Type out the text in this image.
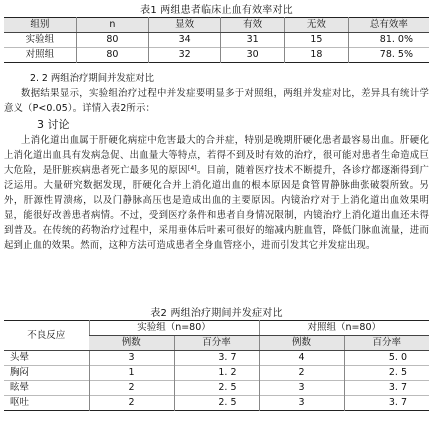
表1 两组患者临床止血有效率对比
组别	n	显效	有效	无效	总有效率
实验组	80	34	31	15	81. 0%
对照组	80	32	30	18	78. 5%

2. 2 两组治疗期间并发症对比

数据结果显示，实验组治疗过程中并发症要明显多于对照组，两组并发症对比，差异具有统计学意义（P<0.05）。详情入表2所示：

3 讨论

上消化道出血属于肝硬化病症中危害最大的合并症，特别是晚期肝硬化患者最容易出血。肝硬化上消化道出血具有发病急促、出血量大等特点，若得不到及时有效的治疗，很可能对患者生命造成巨大危险，是肝脏疾病患者死亡最多见的原因[4]。目前，随着医疗技术不断提升，各诊疗都逐渐得到广泛运用。大量研究数据发现，肝硬化合并上消化道出血的根本原因是食管胃静脉曲张破裂所致。另外，肝源性胃溃疡，以及门静脉高压也是造成出血的主要原因。内镜治疗对于上消化道出血效果明显，能很好改善患者病情。不过，受到医疗条件和患者自身情况限制，内镜治疗上消化道出血还未得到普及。在传统的药物治疗过程中，采用垂体后叶素可很好的缩减内脏血管，降低门脉血流量，进而起到止血的效果。然而，这种方法可造成患者全身血管痉小，进而引发其它并发症出现。

表2 两组治疗期间并发症对比
不良反应	实验组（n=80）		对照组（n=80）	
	例数	百分率	例数	百分率
头晕	3	3. 7	4	5. 0
胸闷	1	1. 2	2	2. 5
眩晕	2	2. 5	3	3. 7
呕吐	2	2. 5	3	3. 7
